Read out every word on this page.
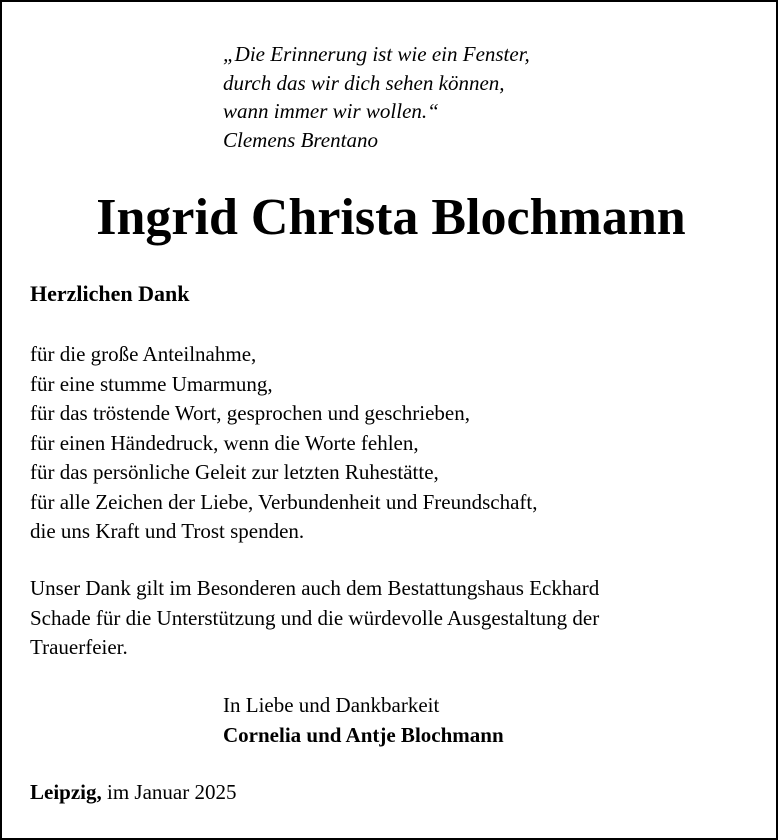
„Die Erinnerung ist wie ein Fenster,
durch das wir dich sehen können,
wann immer wir wollen.“
Clemens Brentano
Ingrid Christa Blochmann
Herzlichen Dank
für die große Anteilnahme,
für eine stumme Umarmung,
für das tröstende Wort, gesprochen und geschrieben,
für einen Händedruck, wenn die Worte fehlen,
für das persönliche Geleit zur letzten Ruhestätte,
für alle Zeichen der Liebe, Verbundenheit und Freundschaft,
die uns Kraft und Trost spenden.
Unser Dank gilt im Besonderen auch dem Bestattungshaus Eckhard
Schade für die Unterstützung und die würdevolle Ausgestaltung der
Trauerfeier.
In Liebe und Dankbarkeit
Cornelia und Antje Blochmann
Leipzig, im Januar 2025
